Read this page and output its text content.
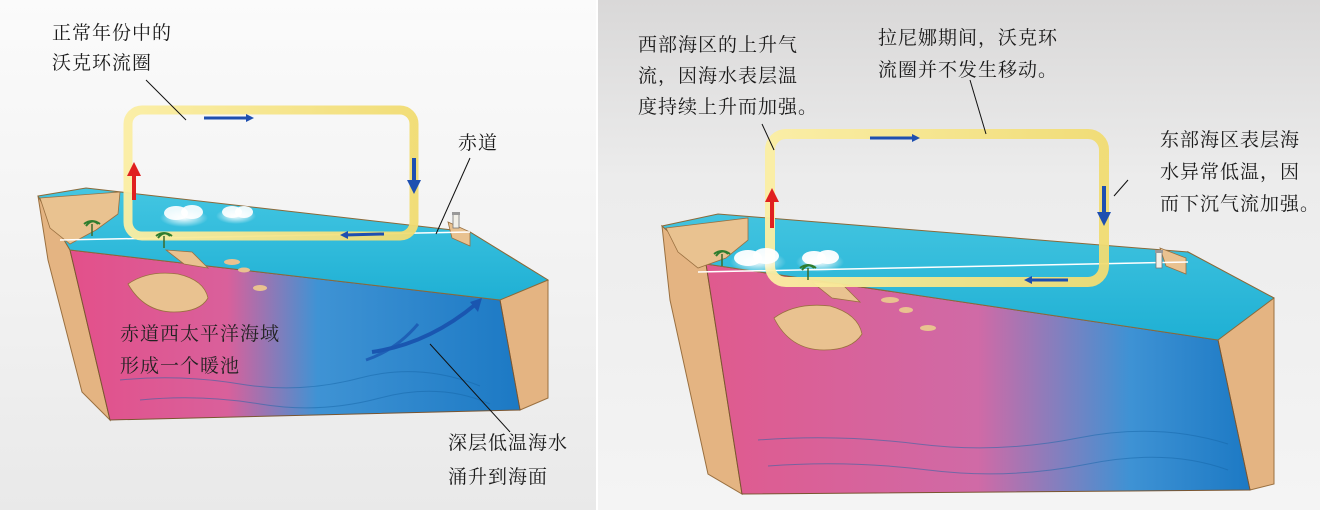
正常年份中的
沃克环流圈

赤道

赤道西太平洋海域
形成一个暖池

深层低温海水
涌升到海面

西部海区的上升气
流，因海水表层温
度持续上升而加强。

拉尼娜期间，沃克环
流圈并不发生移动。

东部海区表层海
水异常低温，因
而下沉气流加强。
